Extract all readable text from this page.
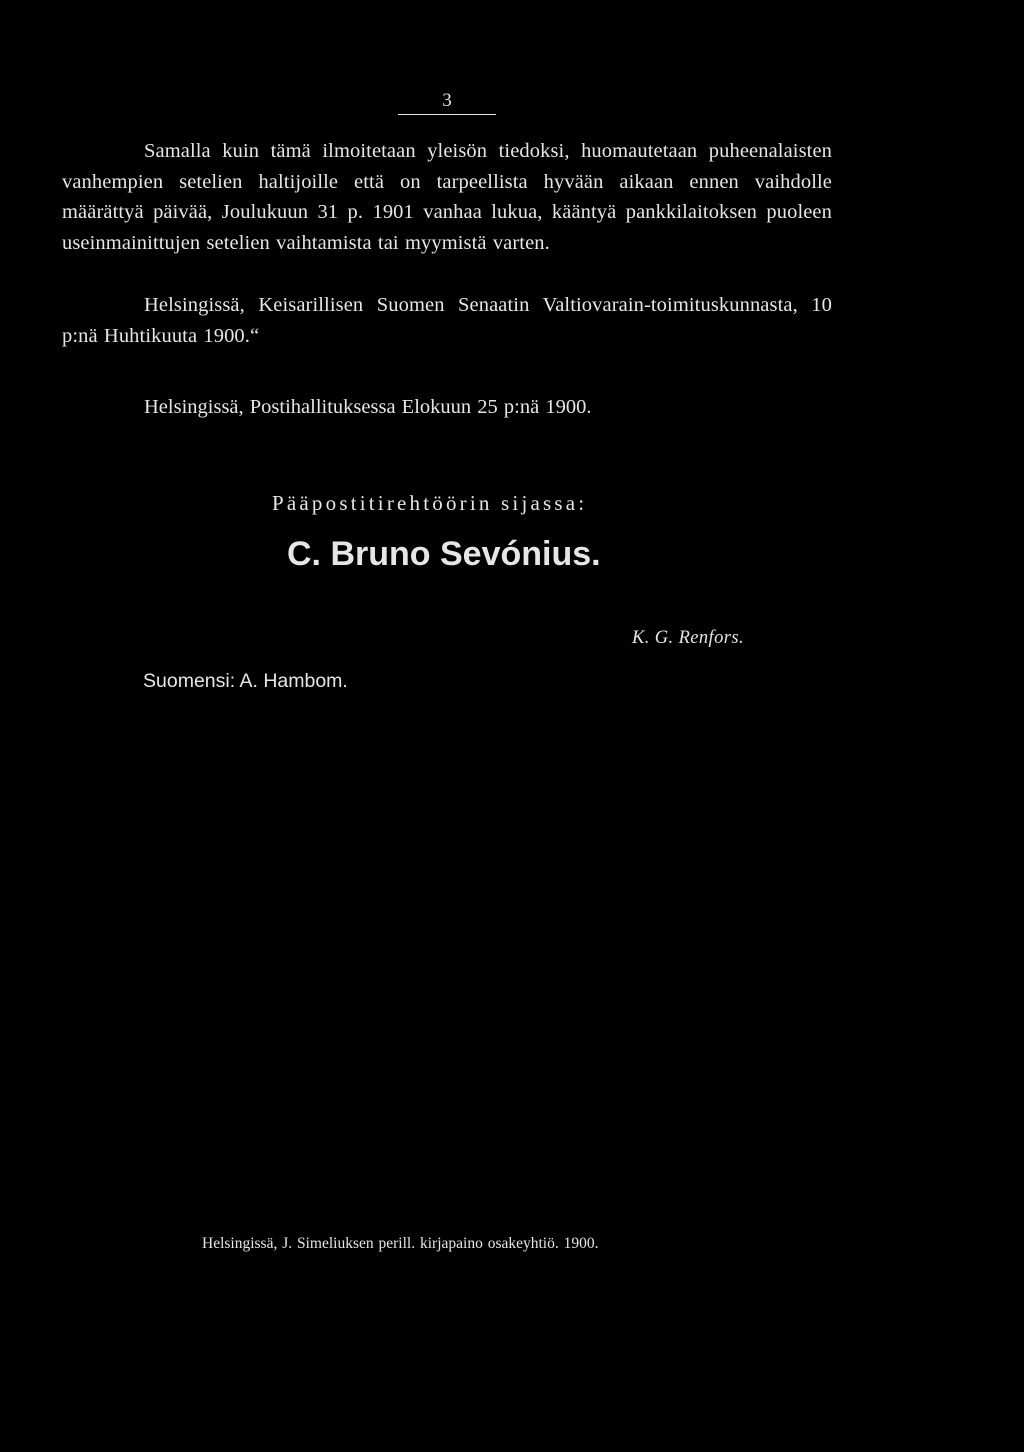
3

Samalla kuin tämä ilmoitetaan yleisön tiedoksi, huomautetaan puheenalaisten vanhempien setelien haltijoille että on tarpeellista hyvään aikaan ennen vaihdolle määrättyä päivää, Joulukuun 31 p. 1901 vanhaa lukua, kääntyä pankkilaitoksen puoleen useinmainittujen setelien vaihtamista tai myymistä varten.

Helsingissä, Keisarillisen Suomen Senaatin Valtiovarain-toimituskunnasta, 10 p:nä Huhtikuuta 1900.“

Helsingissä, Postihallituksessa Elokuun 25 p:nä 1900.
Pääpostitirehtöörin sijassa:
C. Bruno Sevónius.
K. G. Renfors.
Suomensi: A. Hambom.
Helsingissä, J. Simeliuksen perill. kirjapaino osakeyhtiö. 1900.
